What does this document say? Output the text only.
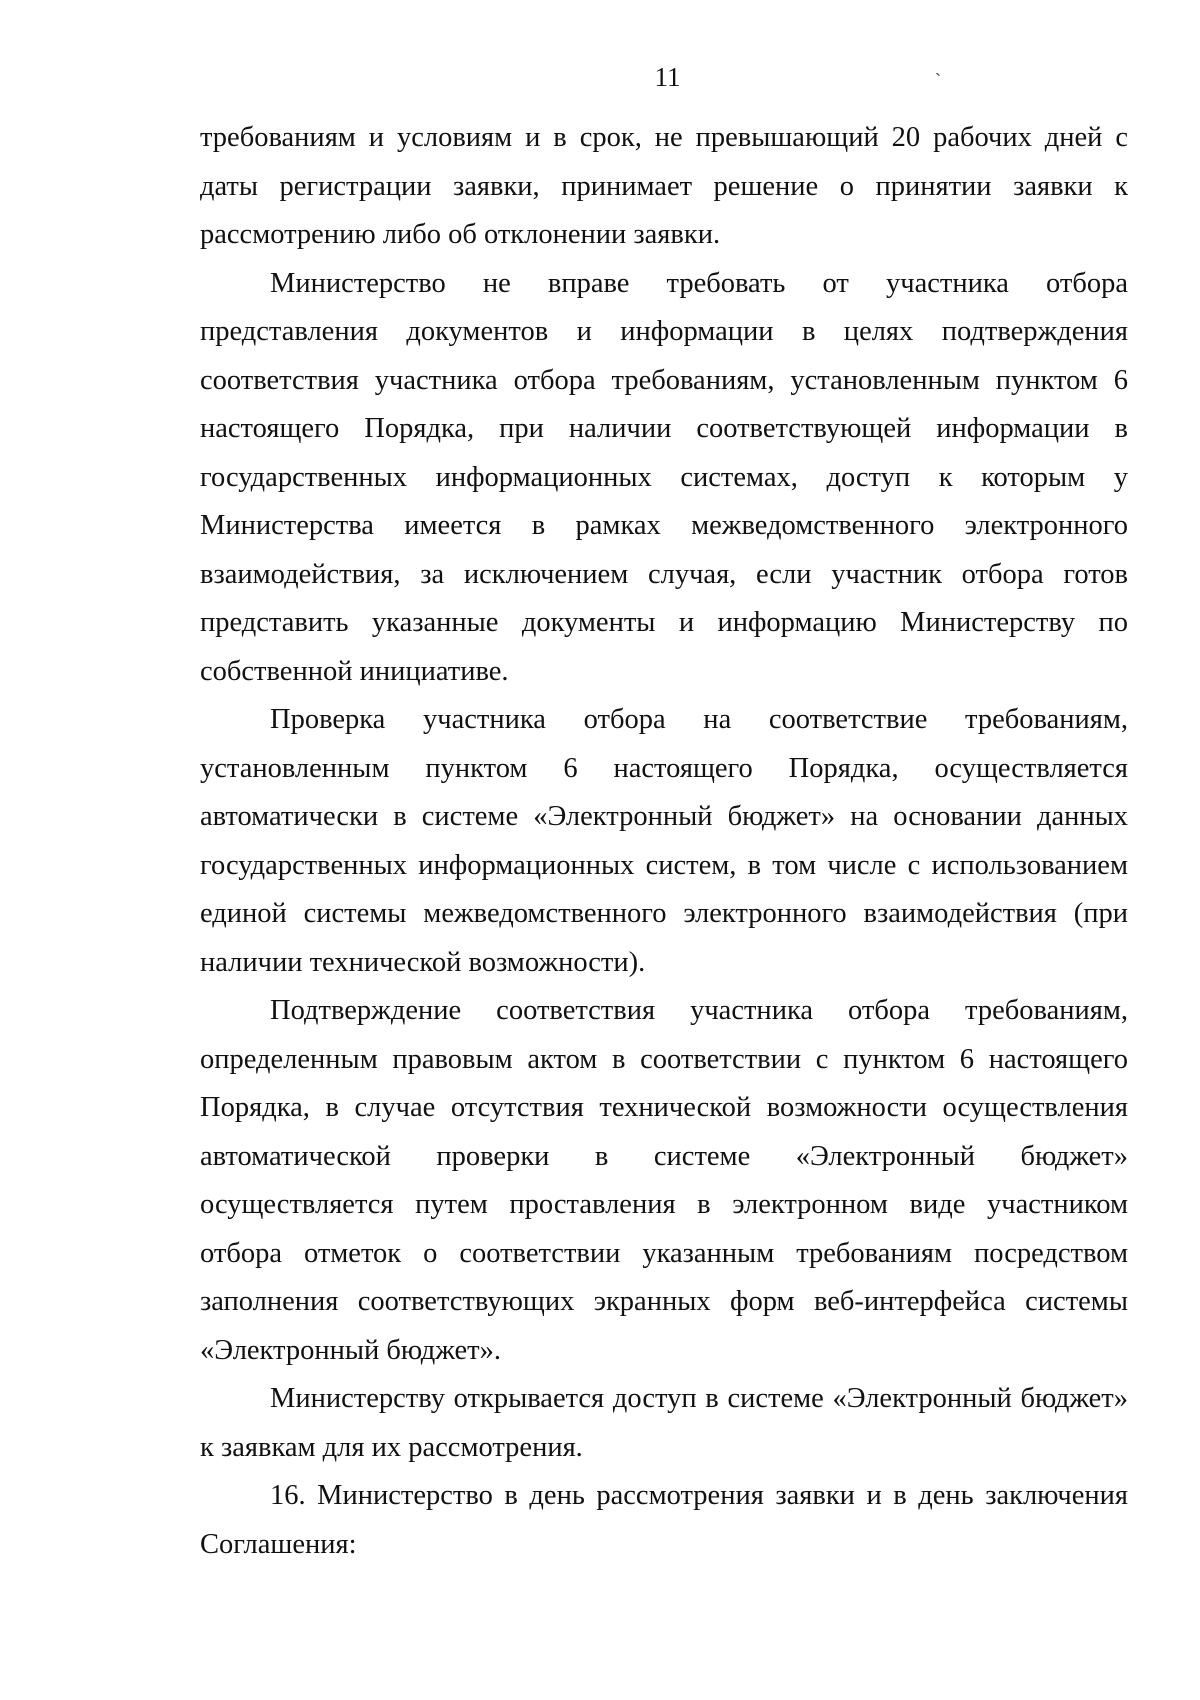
11	`

требованиям и условиям и в срок, не превышающий 20 рабочих дней с даты регистрации заявки, принимает решение о принятии заявки к рассмотрению либо об отклонении заявки.

Министерство не вправе требовать от участника отбора представления документов и информации в целях подтверждения соответствия участника отбора требованиям, установленным пунктом 6 настоящего Порядка, при наличии соответствующей информации в государственных информационных системах, доступ к которым у Министерства имеется в рамках межведомственного электронного взаимодействия, за исключением случая, если участник отбора готов представить указанные документы и информацию Министерству по собственной инициативе.

Проверка участника отбора на соответствие требованиям, установленным пунктом 6 настоящего Порядка, осуществляется автоматически в системе «Электронный бюджет» на основании данных государственных информационных систем, в том числе с использованием единой системы межведомственного электронного взаимодействия (при наличии технической возможности).

Подтверждение соответствия участника отбора требованиям, определенным правовым актом в соответствии с пунктом 6 настоящего Порядка, в случае отсутствия технической возможности осуществления автоматической проверки в системе «Электронный бюджет» осуществляется путем проставления в электронном виде участником отбора отметок о соответствии указанным требованиям посредством заполнения соответствующих экранных форм веб-интерфейса системы «Электронный бюджет».

Министерству открывается доступ в системе «Электронный бюджет» к заявкам для их рассмотрения.

16. Министерство в день рассмотрения заявки и в день заключения Соглашения:
